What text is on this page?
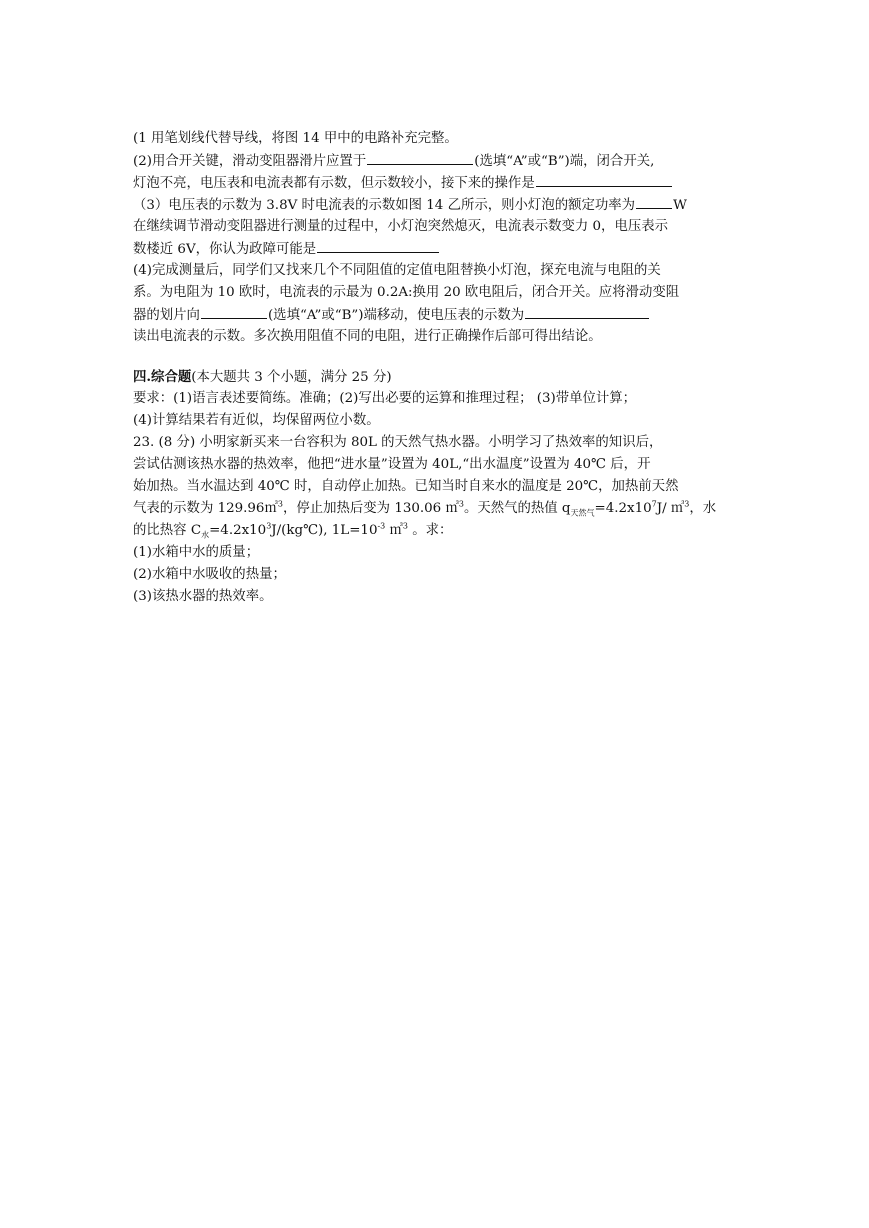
(1 用笔划线代替导线，将图 14 甲中的电路补充完整。
(2)用合开关键，滑动变阻器滑片应置于	(选填“A”或“B”)端，闭合开关,
灯泡不亮，电压表和电流表都有示数，但示数较小，接下来的操作是
（3）电压表的示数为 3.8V 时电流表的示数如图 14 乙所示，则小灯泡的额定功率为	W
在继续调节滑动变阻器进行测量的过程中，小灯泡突然熄灭，电流表示数变力 0，电压表示
数楼近 6V，你认为政障可能是
(4)完成测量后，同学们又找来几个不同阻值的定值电阻替换小灯泡，探充电流与电阻的关
系。为电阻为 10 欧时，电流表的示最为 0.2A:换用 20 欧电阻后，闭合开关。应将滑动变阻
器的划片向	(选填“A”或“B”)端移动，使电压表的示数为
读出电流表的示数。多次换用阻值不同的电阻，进行正确操作后部可得出结论。
四.综合题(本大题共 3 个小题，满分 25 分)
要求：(1)语言表述要简练。准确；(2)写出必要的运算和推理过程； (3)带单位计算；
(4)计算结果若有近似，均保留两位小数。
23. (8 分) 小明家新买来一台容积为 80L 的天然气热水器。小明学习了热效率的知识后，
尝试估测该热水器的热效率，他把“进水量”设置为 40L,“出水温度”设置为 40℃ 后，开
始加热。当水温达到 40℃ 时，自动停止加热。已知当时自来水的温度是 20℃，加热前天然
气表的示数为 129.96㎥$^3$，停止加热后变为 130.06 ㎥$^3$。天然气的热值 $q_{天然气}=4.2x10^7J/$ ㎥$^3$，水
的比热容 $C_水=4.2x10^3J/(kg℃)$, $1L=10^{-3}$ ㎥$^3$ 。求：
(1)水箱中水的质量；
(2)水箱中水吸收的热量；
(3)该热水器的热效率。
